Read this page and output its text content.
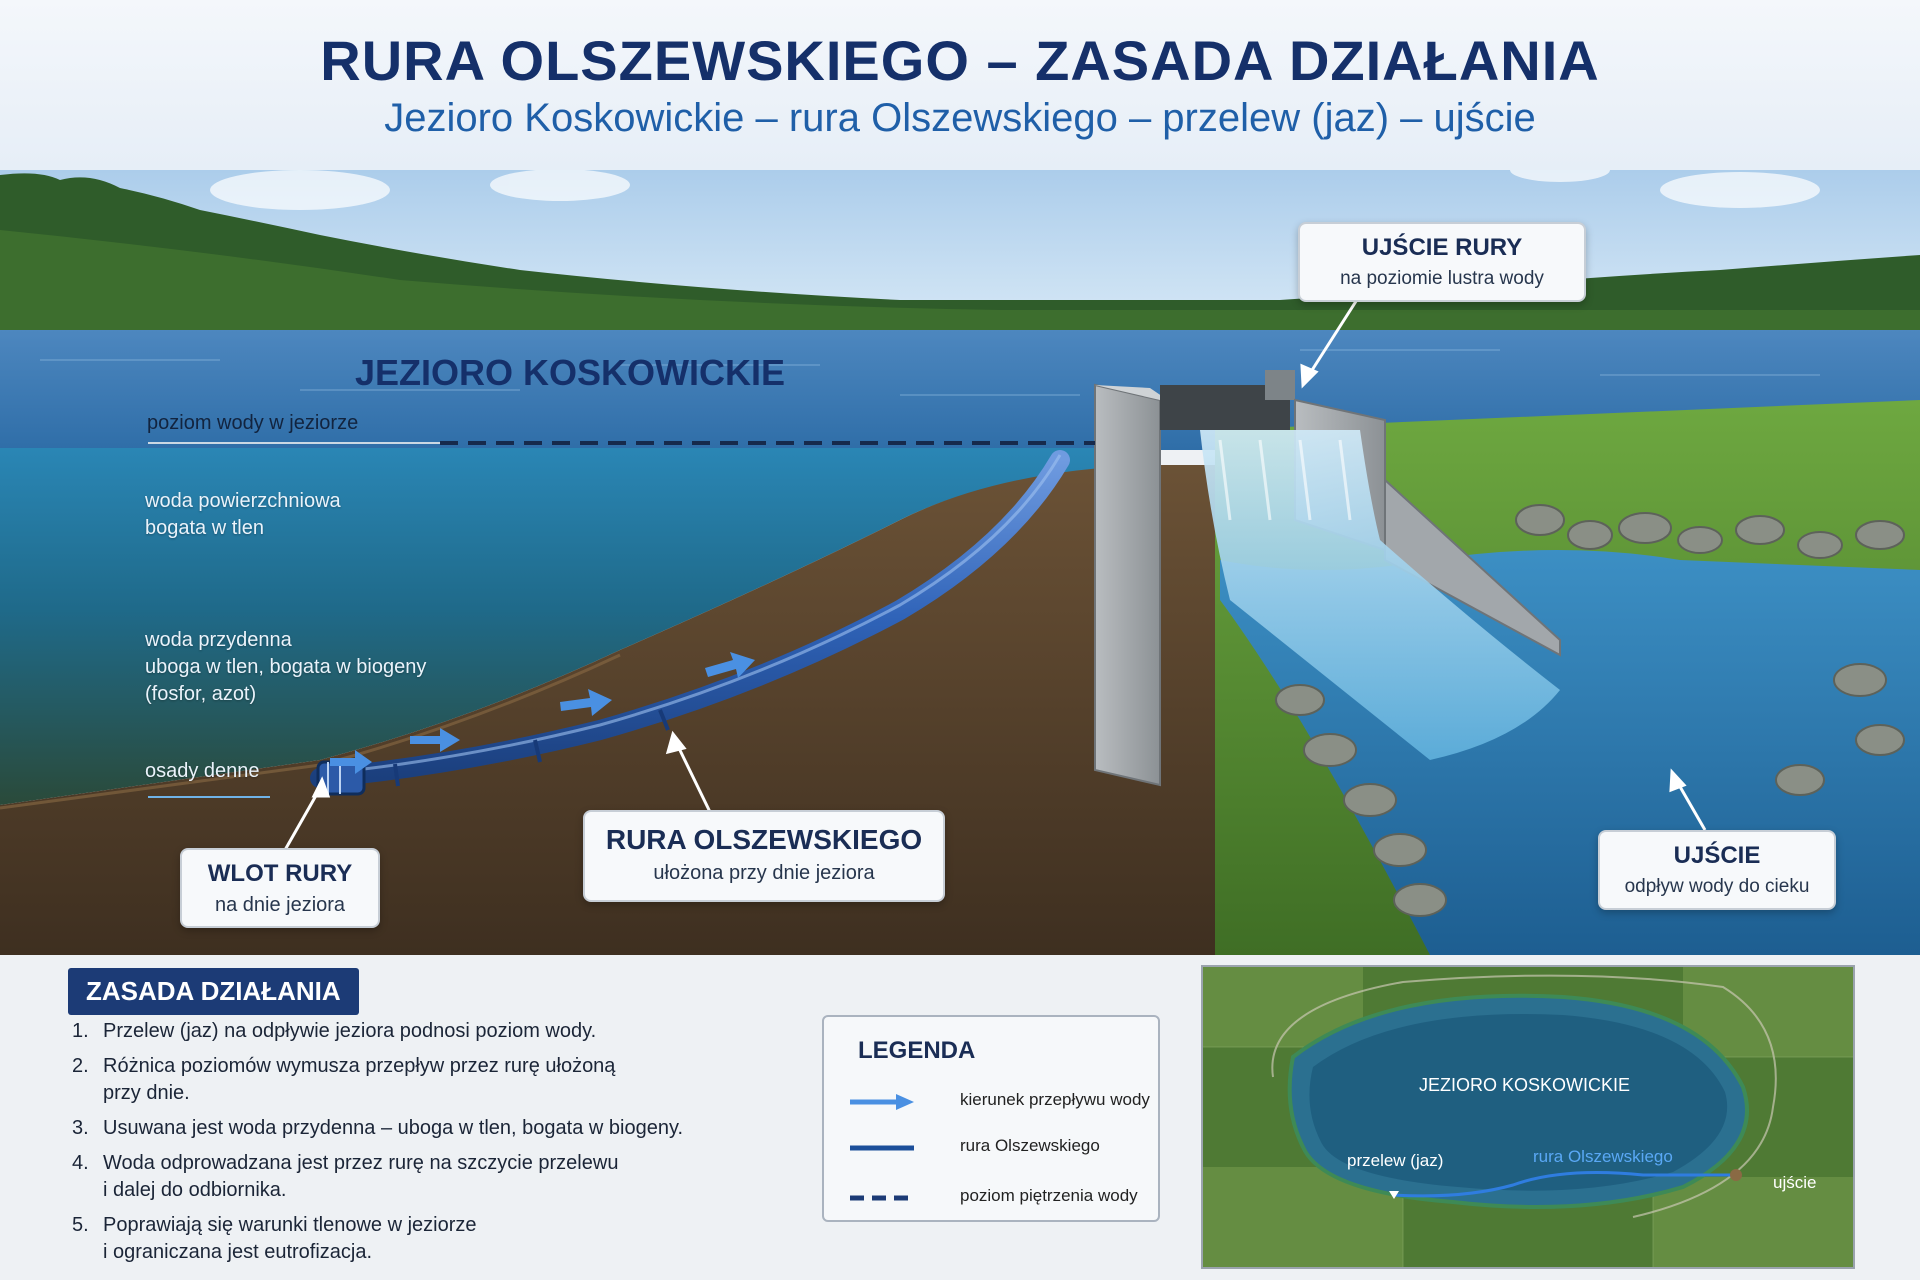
RURA OLSZEWSKIEGO – ZASADA DZIAŁANIA
Jezioro Koskowickie – rura Olszewskiego – przelew (jaz) – ujście
JEZIORO KOSKOWICKIE
poziom wody w jeziorze
woda powierzchniowa
bogata w tlen
woda przydenna
uboga w tlen, bogata w biogeny
(fosfor, azot)
osady denne
UJŚCIE RURY
na poziomie lustra wody
WLOT RURY
na dnie jeziora
RURA OLSZEWSKIEGO
ułożona przy dnie jeziora
UJŚCIE
odpływ wody do cieku
ZASADA DZIAŁANIA
1. Przelew (jaz) na odpływie jeziora podnosi poziom wody.
2. Różnica poziomów wymusza przepływ przez rurę ułożoną
przy dnie.
3. Usuwana jest woda przydenna – uboga w tlen, bogata w biogeny.
4. Woda odprowadzana jest przez rurę na szczycie przelewu
i dalej do odbiornika.
5. Poprawiają się warunki tlenowe w jeziorze
i ograniczana jest eutrofizacja.
LEGENDA
kierunek przepływu wody
rura Olszewskiego
poziom piętrzenia wody
JEZIORO KOSKOWICKIE
przelew (jaz)	rura Olszewskiego
ujście
